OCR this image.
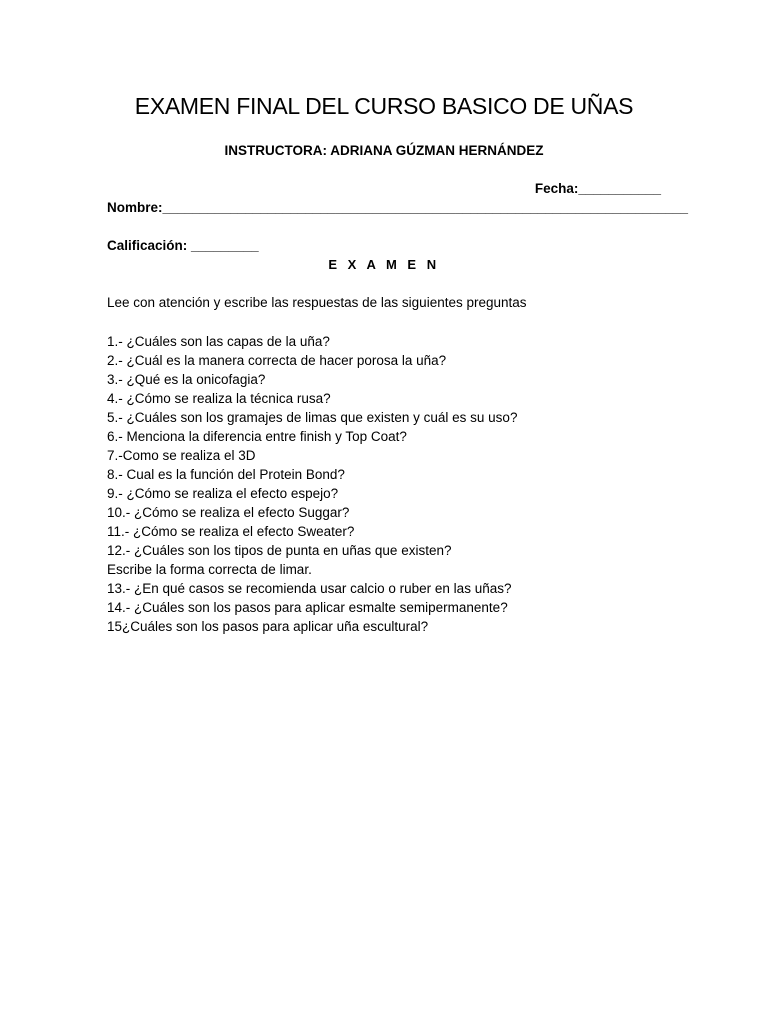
EXAMEN FINAL DEL CURSO BASICO DE UÑAS
INSTRUCTORA: ADRIANA GÚZMAN HERNÁNDEZ
Fecha:___________
Nombre:______________________________________________________________________
Calificación: _________
E X A M E N
Lee con atención y escribe las respuestas de las siguientes preguntas
1.- ¿Cuáles son las capas de la uña?
2.- ¿Cuál es la manera correcta de hacer porosa la uña?
3.- ¿Qué es la onicofagia?
4.- ¿Cómo se realiza la técnica rusa?
5.- ¿Cuáles son los gramajes de limas que existen y cuál es su uso?
6.- Menciona la diferencia entre finish y Top Coat?
7.-Como se realiza el 3D
8.- Cual es la función del Protein Bond?
9.- ¿Cómo se realiza el efecto espejo?
10.- ¿Cómo se realiza el efecto Suggar?
11.- ¿Cómo se realiza el efecto Sweater?
12.- ¿Cuáles son los tipos de punta en uñas que existen?
Escribe la forma correcta de limar.
13.- ¿En qué casos se recomienda usar calcio o ruber en las uñas?
14.- ¿Cuáles son los pasos para aplicar esmalte semipermanente?
15¿Cuáles son los pasos para aplicar uña escultural?
